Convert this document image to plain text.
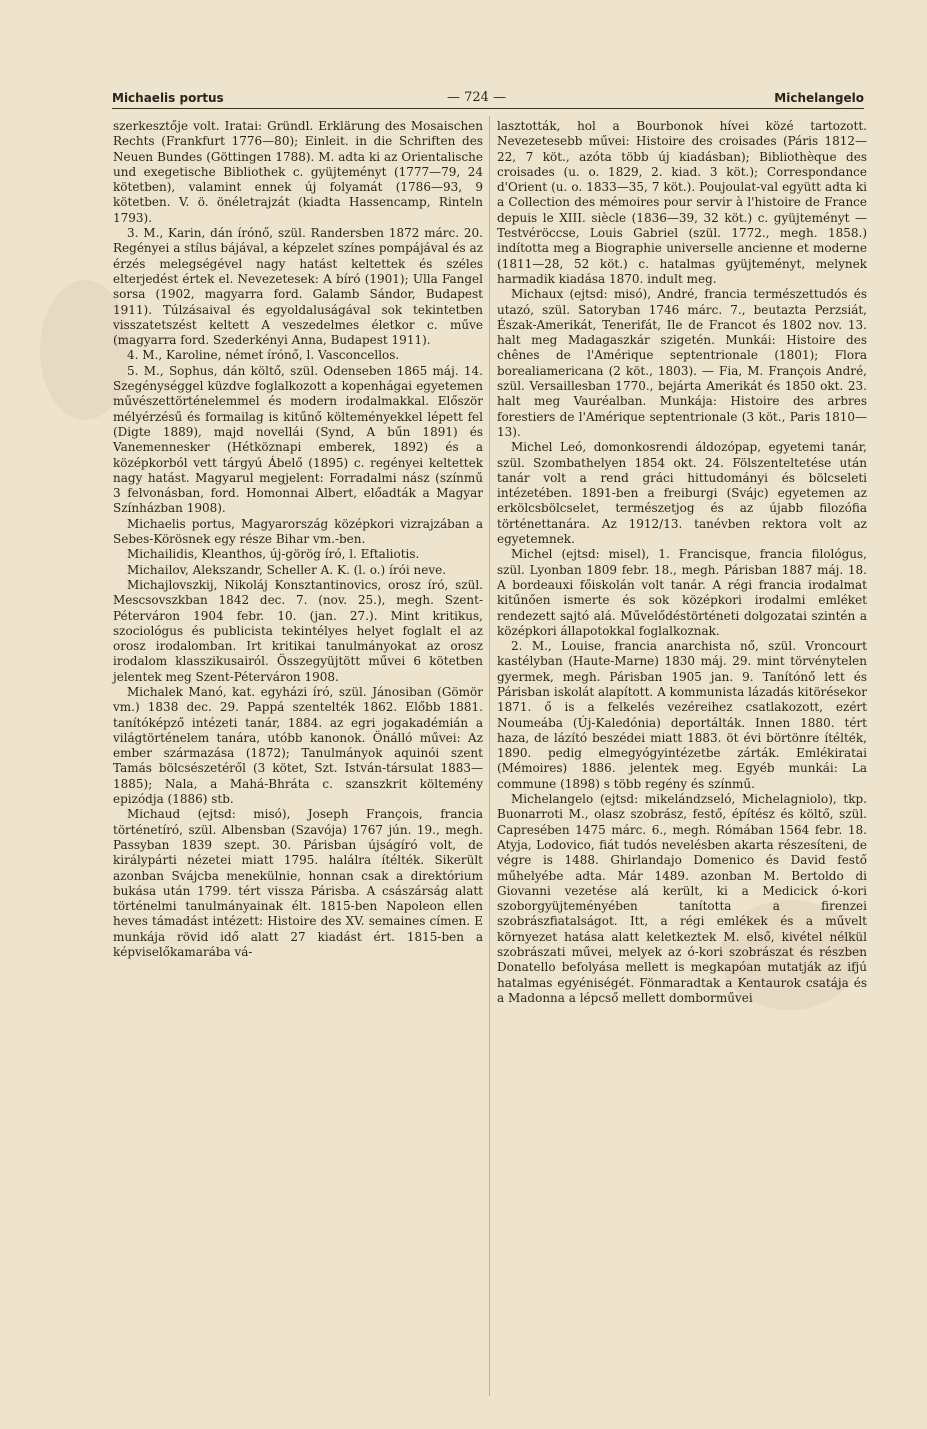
Michaelis portus	— 724 —	Michelangelo

szerkesztője volt. Iratai: Gründl. Erklärung des Mosaischen Rechts (Frankfurt 1776—80); Einleit. in die Schriften des Neuen Bundes (Göttingen 1788). M. adta ki az Orientalische und exegetische Bibliothek c. gyüjteményt (1777—79, 24 kötetben), valamint ennek új folyamát (1786—93, 9 kötetben. V. ö. önéletrajzát (kiadta Hassencamp, Rinteln 1793).

3. M., Karin, dán írónő, szül. Randersben 1872 márc. 20. Regényei a stílus bájával, a képzelet színes pompájával és az érzés melegségével nagy hatást keltettek és széles elterjedést értek el. Nevezetesek: A bíró (1901); Ulla Fangel sorsa (1902, magyarra ford. Galamb Sándor, Budapest 1911). Túlzásaival és egyoldaluságával sok tekintetben visszatetszést keltett A veszedelmes életkor c. műve (magyarra ford. Szederkényi Anna, Budapest 1911).

4. M., Karoline, német írónő, l. Vasconcellos.

5. M., Sophus, dán költő, szül. Odenseben 1865 máj. 14. Szegénységgel küzdve foglalkozott a kopenhágai egyetemen művészettörténelemmel és modern irodalmakkal. Először mélyérzésű és formailag is kitűnő költeményekkel lépett fel (Digte 1889), majd novellái (Synd, A bűn 1891) és Vanemennesker (Hétköznapi emberek, 1892) és a középkorból vett tárgyú Ábelő (1895) c. regényei keltettek nagy hatást. Magyarul megjelent: Forradalmi nász (színmű 3 felvonásban, ford. Homonnai Albert, előadták a Magyar Színházban 1908).

Michaelis portus, Magyarország középkori vizrajzában a Sebes-Körösnek egy része Bihar vm.-ben.

Michailidis, Kleanthos, új-görög író, l. Eftaliotis.

Michailov, Alekszandr, Scheller A. K. (l. o.) írói neve.

Michajlovszkij, Nikoláj Konsztantinovics, orosz író, szül. Mescsovszkban 1842 dec. 7. (nov. 25.), megh. Szent-Péterváron 1904 febr. 10. (jan. 27.). Mint kritikus, szociológus és publicista tekintélyes helyet foglalt el az orosz irodalomban. Irt kritikai tanulmányokat az orosz irodalom klasszikusairól. Összegyüjtött művei 6 kötetben jelentek meg Szent-Péterváron 1908.

Michalek Manó, kat. egyházi író, szül. Jánosiban (Gömör vm.) 1838 dec. 29. Pappá szentelték 1862. Előbb 1881. tanítóképző intézeti tanár, 1884. az egri jogakadémián a világtörténelem tanára, utóbb kanonok. Önálló művei: Az ember származása (1872); Tanulmányok aquinói szent Tamás bölcsészetéről (3 kötet, Szt. István-társulat 1883—1885); Nala, a Mahá-Bhráta c. szanszkrit költemény epizódja (1886) stb.

Michaud (ejtsd: misó), Joseph François, francia történetíró, szül. Albensban (Szavója) 1767 jún. 19., megh. Passyban 1839 szept. 30. Párisban újságíró volt, de királypárti nézetei miatt 1795. halálra ítélték. Sikerült azonban Svájcba menekülnie, honnan csak a direktórium bukása után 1799. tért vissza Párisba. A császárság alatt történelmi tanulmányainak élt. 1815-ben Napoleon ellen heves támadást intézett: Histoire des XV. semaines címen. E munkája rövid idő alatt 27 kiadást ért. 1815-ben a képviselőkamarába vá-

lasztották, hol a Bourbonok hívei közé tartozott. Nevezetesebb művei: Histoire des croisades (Páris 1812—22, 7 köt., azóta több új kiadásban); Bibliothèque des croisades (u. o. 1829, 2. kiad. 3 köt.); Correspondance d'Orient (u. o. 1833—35, 7 köt.). Poujoulat-val együtt adta ki a Collection des mémoires pour servir à l'histoire de France depuis le XIII. siècle (1836—39, 32 köt.) c. gyüjteményt — Testvéröccse, Louis Gabriel (szül. 1772., megh. 1858.) indította meg a Biographie universelle ancienne et moderne (1811—28, 52 köt.) c. hatalmas gyüjteményt, melynek harmadik kiadása 1870. indult meg.

Michaux (ejtsd: misó), André, francia természettudós és utazó, szül. Satoryban 1746 márc. 7., beutazta Perzsiát, Észak-Amerikát, Tenerifát, Ile de Francot és 1802 nov. 13. halt meg Madagaszkár szigetén. Munkái: Histoire des chênes de l'Amérique septentrionale (1801); Flora borealiamericana (2 köt., 1803). — Fia, M. François André, szül. Versaillesban 1770., bejárta Amerikát és 1850 okt. 23. halt meg Vauréalban. Munkája: Histoire des arbres forestiers de l'Amérique septentrionale (3 köt., Paris 1810—13).

Michel Leó, domonkosrendi áldozópap, egyetemi tanár, szül. Szombathelyen 1854 okt. 24. Fölszenteltetése után tanár volt a rend gráci hittudományi és bölcseleti intézetében. 1891-ben a freiburgi (Svájc) egyetemen az erkölcsbölcselet, természetjog és az újabb filozófia történettanára. Az 1912/13. tanévben rektora volt az egyetemnek.

Michel (ejtsd: misel), 1. Francisque, francia filológus, szül. Lyonban 1809 febr. 18., megh. Párisban 1887 máj. 18. A bordeauxi főiskolán volt tanár. A régi francia irodalmat kitűnően ismerte és sok középkori irodalmi emléket rendezett sajtó alá. Művelődéstörténeti dolgozatai szintén a középkori állapotokkal foglalkoznak.

2. M., Louise, francia anarchista nő, szül. Vroncourt kastélyban (Haute-Marne) 1830 máj. 29. mint törvénytelen gyermek, megh. Párisban 1905 jan. 9. Tanítónő lett és Párisban iskolát alapított. A kommunista lázadás kitörésekor 1871. ő is a felkelés vezéreihez csatlakozott, ezért Noumeába (Új-Kaledónia) deportálták. Innen 1880. tért haza, de lázító beszédei miatt 1883. öt évi börtönre ítélték, 1890. pedig elmegyógyintézetbe zárták. Emlékiratai (Mémoires) 1886. jelentek meg. Egyéb munkái: La commune (1898) s több regény és színmű.

Michelangelo (ejtsd: mikelándzseló, Michelagniolo), tkp. Buonarroti M., olasz szobrász, festő, építész és költő, szül. Capresében 1475 márc. 6., megh. Rómában 1564 febr. 18. Atyja, Lodovico, fiát tudós nevelésben akarta részesíteni, de végre is 1488. Ghirlandajo Domenico és David festő műhelyébe adta. Már 1489. azonban M. Bertoldo di Giovanni vezetése alá került, ki a Medicick ó-kori szoborgyüjteményében tanította a firenzei szobrászfiatalságot. Itt, a régi emlékek és a művelt környezet hatása alatt keletkeztek M. első, kivétel nélkül szobrászati művei, melyek az ó-kori szobrászat és részben Donatello befolyása mellett is megkapóan mutatják az ifjú hatalmas egyéniségét. Fönmaradtak a Kentaurok csatája és a Madonna a lépcső mellett domborművei
